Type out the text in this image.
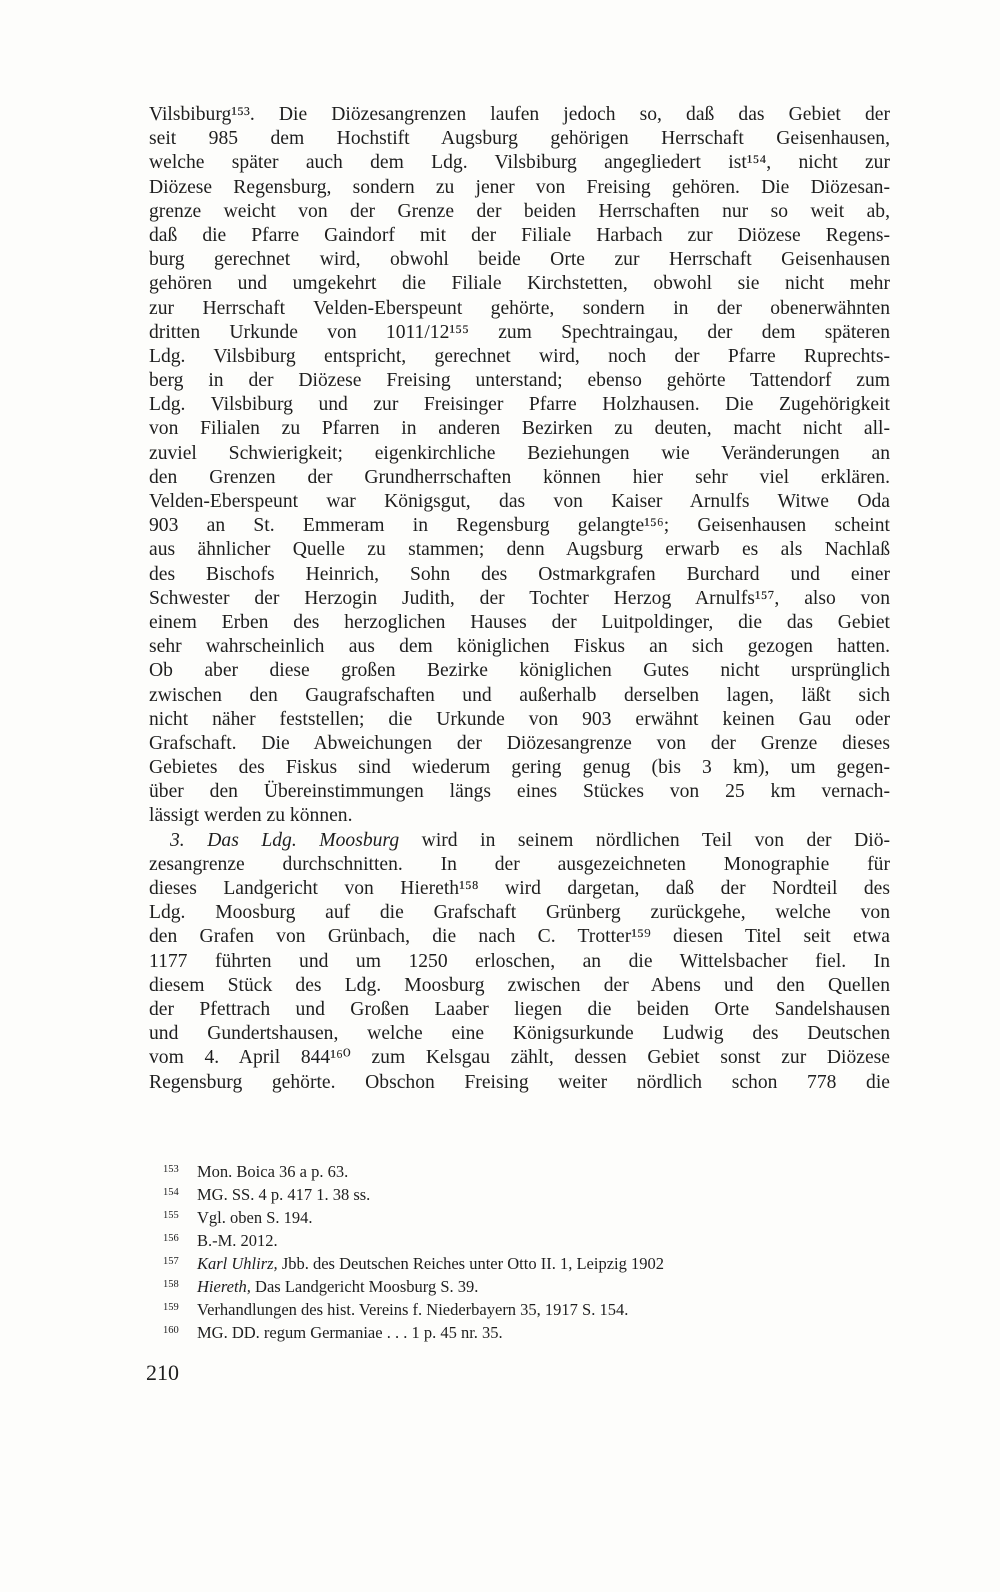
Vilsbiburg¹⁵³. Die Diözesangrenzen laufen jedoch so, daß das Gebiet der
seit 985 dem Hochstift Augsburg gehörigen Herrschaft Geisenhausen,
welche später auch dem Ldg. Vilsbiburg angegliedert ist¹⁵⁴, nicht zur
Diözese Regensburg, sondern zu jener von Freising gehören. Die Diözesan-
grenze weicht von der Grenze der beiden Herrschaften nur so weit ab,
daß die Pfarre Gaindorf mit der Filiale Harbach zur Diözese Regens-
burg gerechnet wird, obwohl beide Orte zur Herrschaft Geisenhausen
gehören und umgekehrt die Filiale Kirchstetten, obwohl sie nicht mehr
zur Herrschaft Velden-Eberspeunt gehörte, sondern in der obenerwähnten
dritten Urkunde von 1011/12¹⁵⁵ zum Spechtraingau, der dem späteren
Ldg. Vilsbiburg entspricht, gerechnet wird, noch der Pfarre Ruprechts-
berg in der Diözese Freising unterstand; ebenso gehörte Tattendorf zum
Ldg. Vilsbiburg und zur Freisinger Pfarre Holzhausen. Die Zugehörigkeit
von Filialen zu Pfarren in anderen Bezirken zu deuten, macht nicht all-
zuviel Schwierigkeit; eigenkirchliche Beziehungen wie Veränderungen an
den Grenzen der Grundherrschaften können hier sehr viel erklären.
Velden-Eberspeunt war Königsgut, das von Kaiser Arnulfs Witwe Oda
903 an St. Emmeram in Regensburg gelangte¹⁵⁶; Geisenhausen scheint
aus ähnlicher Quelle zu stammen; denn Augsburg erwarb es als Nachlaß
des Bischofs Heinrich, Sohn des Ostmarkgrafen Burchard und einer
Schwester der Herzogin Judith, der Tochter Herzog Arnulfs¹⁵⁷, also von
einem Erben des herzoglichen Hauses der Luitpoldinger, die das Gebiet
sehr wahrscheinlich aus dem königlichen Fiskus an sich gezogen hatten.
Ob aber diese großen Bezirke königlichen Gutes nicht ursprünglich
zwischen den Gaugrafschaften und außerhalb derselben lagen, läßt sich
nicht näher feststellen; die Urkunde von 903 erwähnt keinen Gau oder
Grafschaft. Die Abweichungen der Diözesangrenze von der Grenze dieses
Gebietes des Fiskus sind wiederum gering genug (bis 3 km), um gegen-
über den Übereinstimmungen längs eines Stückes von 25 km vernach-
lässigt werden zu können.
3. Das Ldg. Moosburg wird in seinem nördlichen Teil von der Diö-
zesangrenze durchschnitten. In der ausgezeichneten Monographie für
dieses Landgericht von Hiereth¹⁵⁸ wird dargetan, daß der Nordteil des
Ldg. Moosburg auf die Grafschaft Grünberg zurückgehe, welche von
den Grafen von Grünbach, die nach C. Trotter¹⁵⁹ diesen Titel seit etwa
1177 führten und um 1250 erloschen, an die Wittelsbacher fiel. In
diesem Stück des Ldg. Moosburg zwischen der Abens und den Quellen
der Pfettrach und Großen Laaber liegen die beiden Orte Sandelshausen
und Gundertshausen, welche eine Königsurkunde Ludwig des Deutschen
vom 4. April 844¹⁶⁰ zum Kelsgau zählt, dessen Gebiet sonst zur Diözese
Regensburg gehörte. Obschon Freising weiter nördlich schon 778 die
153 Mon. Boica 36 a p. 63.
154 MG. SS. 4 p. 417 1. 38 ss.
155 Vgl. oben S. 194.
156 B.-M. 2012.
157 Karl Uhlirz, Jbb. des Deutschen Reiches unter Otto II. 1, Leipzig 1902
158 Hiereth, Das Landgericht Moosburg S. 39.
159 Verhandlungen des hist. Vereins f. Niederbayern 35, 1917 S. 154.
160 MG. DD. regum Germaniae . . . 1 p. 45 nr. 35.
210
